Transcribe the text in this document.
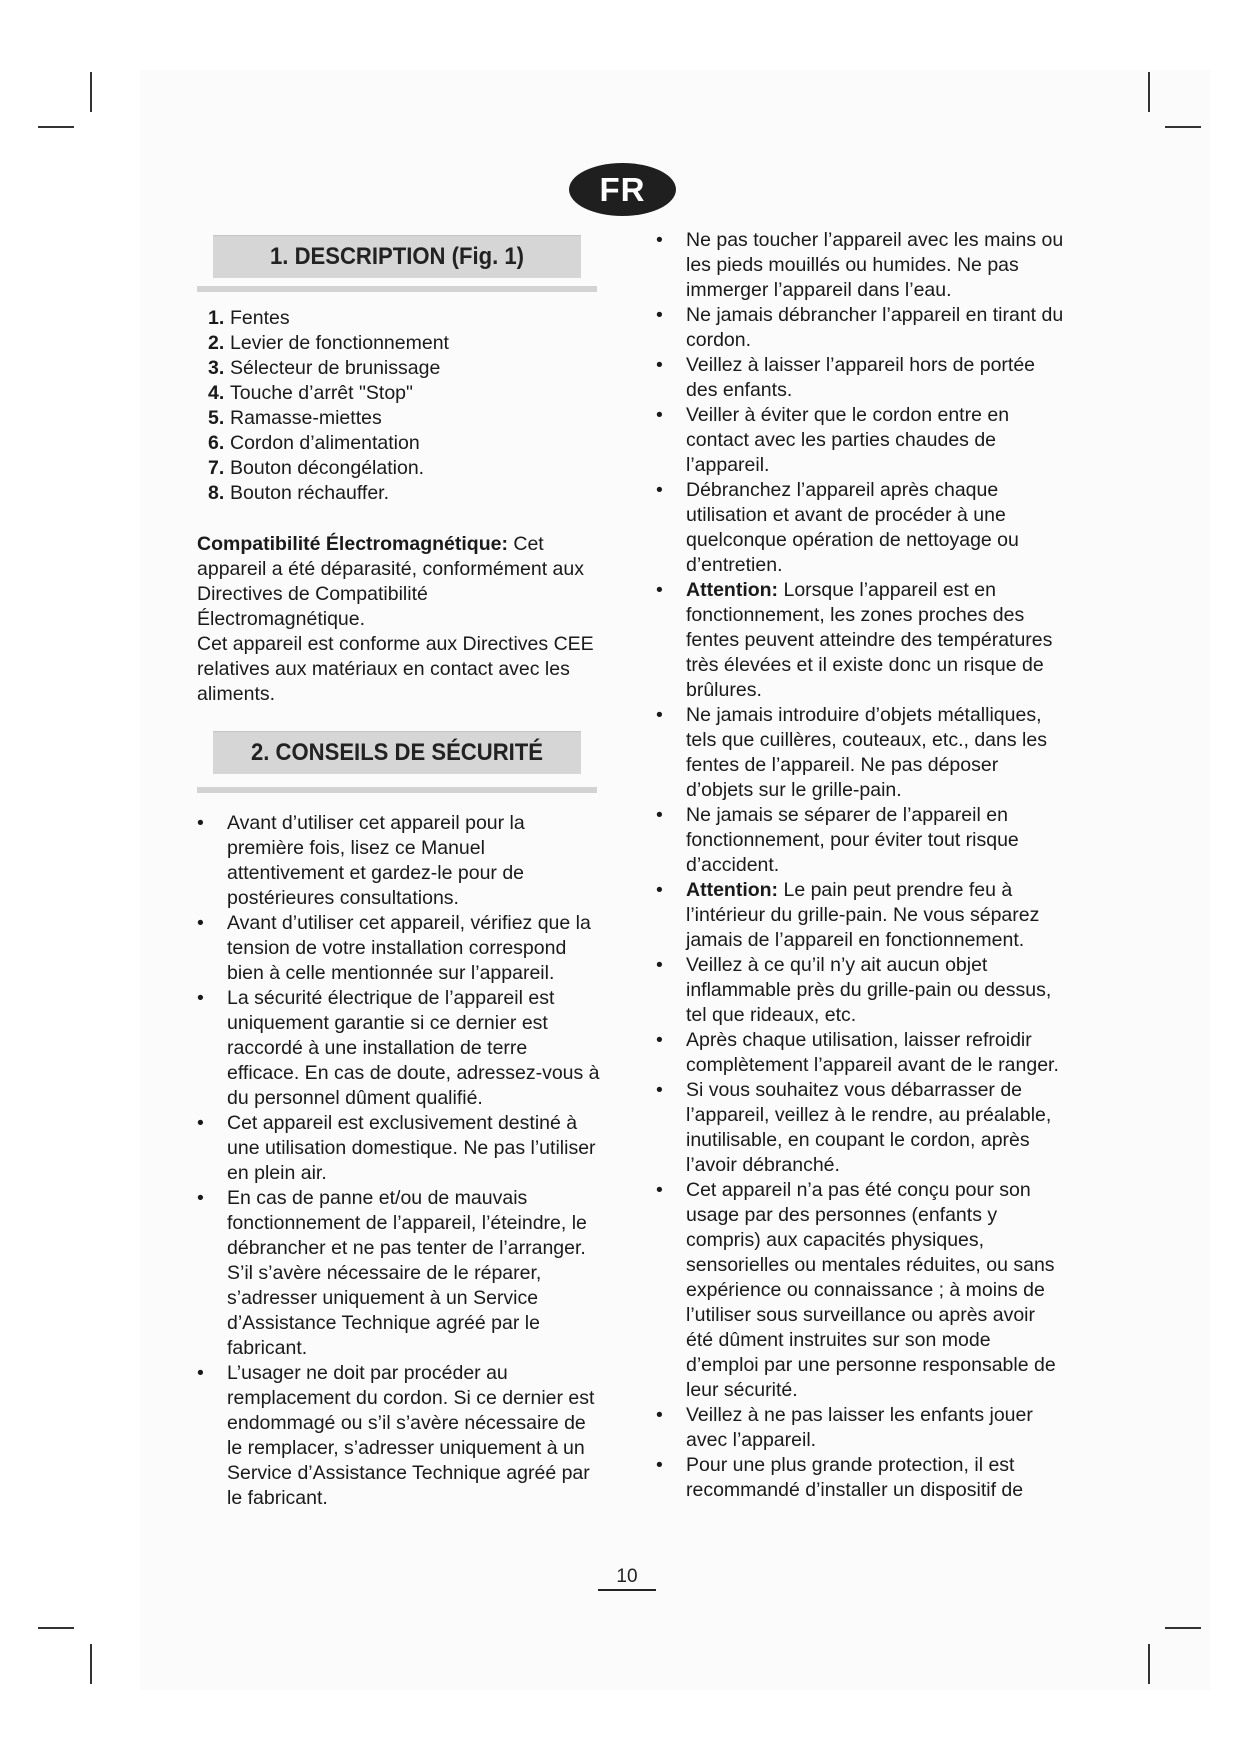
FR
1. DESCRIPTION (Fig. 1)
1. Fentes
2. Levier de fonctionnement
3. Sélecteur de brunissage
4. Touche d’arrêt "Stop"
5. Ramasse-miettes
6. Cordon d’alimentation
7. Bouton décongélation.
8. Bouton réchauffer.

Compatibilité Électromagnétique: Cet appareil a été déparasité, conformément aux Directives de Compatibilité Électromagnétique.

Cet appareil est conforme aux Directives CEE relatives aux matériaux en contact avec les aliments.

2. CONSEILS DE SÉCURITÉ
• Avant d’utiliser cet appareil pour la première fois, lisez ce Manuel attentivement et gardez-le pour de postérieures consultations.
• Avant d’utiliser cet appareil, vérifiez que la tension de votre installation correspond bien à celle mentionnée sur l’appareil.
• La sécurité électrique de l’appareil est uniquement garantie si ce dernier est raccordé à une installation de terre efficace. En cas de doute, adressez-vous à du personnel dûment qualifié.
• Cet appareil est exclusivement destiné à une utilisation domestique. Ne pas l’utiliser en plein air.
• En cas de panne et/ou de mauvais fonctionnement de l’appareil, l’éteindre, le débrancher et ne pas tenter de l’arranger. S’il s’avère nécessaire de le réparer, s’adresser uniquement à un Service d’Assistance Technique agréé par le fabricant.
• L’usager ne doit par procéder au remplacement du cordon. Si ce dernier est endommagé ou s’il s’avère nécessaire de le remplacer, s’adresser uniquement à un Service d’Assistance Technique agréé par le fabricant.
• Ne pas toucher l’appareil avec les mains ou les pieds mouillés ou humides. Ne pas immerger l’appareil dans l’eau.
• Ne jamais débrancher l’appareil en tirant du cordon.
• Veillez à laisser l’appareil hors de portée des enfants.
• Veiller à éviter que le cordon entre en contact avec les parties chaudes de l’appareil.
• Débranchez l’appareil après chaque utilisation et avant de procéder à une quelconque opération de nettoyage ou d’entretien.
• Attention: Lorsque l’appareil est en fonctionnement, les zones proches des fentes peuvent atteindre des températures très élevées et il existe donc un risque de brûlures.
• Ne jamais introduire d’objets métalliques, tels que cuillères, couteaux, etc., dans les fentes de l’appareil. Ne pas déposer d’objets sur le grille-pain.
• Ne jamais se séparer de l’appareil en fonctionnement, pour éviter tout risque d’accident.
• Attention: Le pain peut prendre feu à l’intérieur du grille-pain. Ne vous séparez jamais de l’appareil en fonctionnement.
• Veillez à ce qu’il n’y ait aucun objet inflammable près du grille-pain ou dessus, tel que rideaux, etc.
• Après chaque utilisation, laisser refroidir complètement l’appareil avant de le ranger.
• Si vous souhaitez vous débarrasser de l’appareil, veillez à le rendre, au préalable, inutilisable, en coupant le cordon, après l’avoir débranché.
• Cet appareil n’a pas été conçu pour son usage par des personnes (enfants y compris) aux capacités physiques, sensorielles ou mentales réduites, ou sans expérience ou connaissance ; à moins de l’utiliser sous surveillance ou après avoir été dûment instruites sur son mode d’emploi par une personne responsable de leur sécurité.
• Veillez à ne pas laisser les enfants jouer avec l’appareil.
• Pour une plus grande protection, il est recommandé d’installer un dispositif de
10
